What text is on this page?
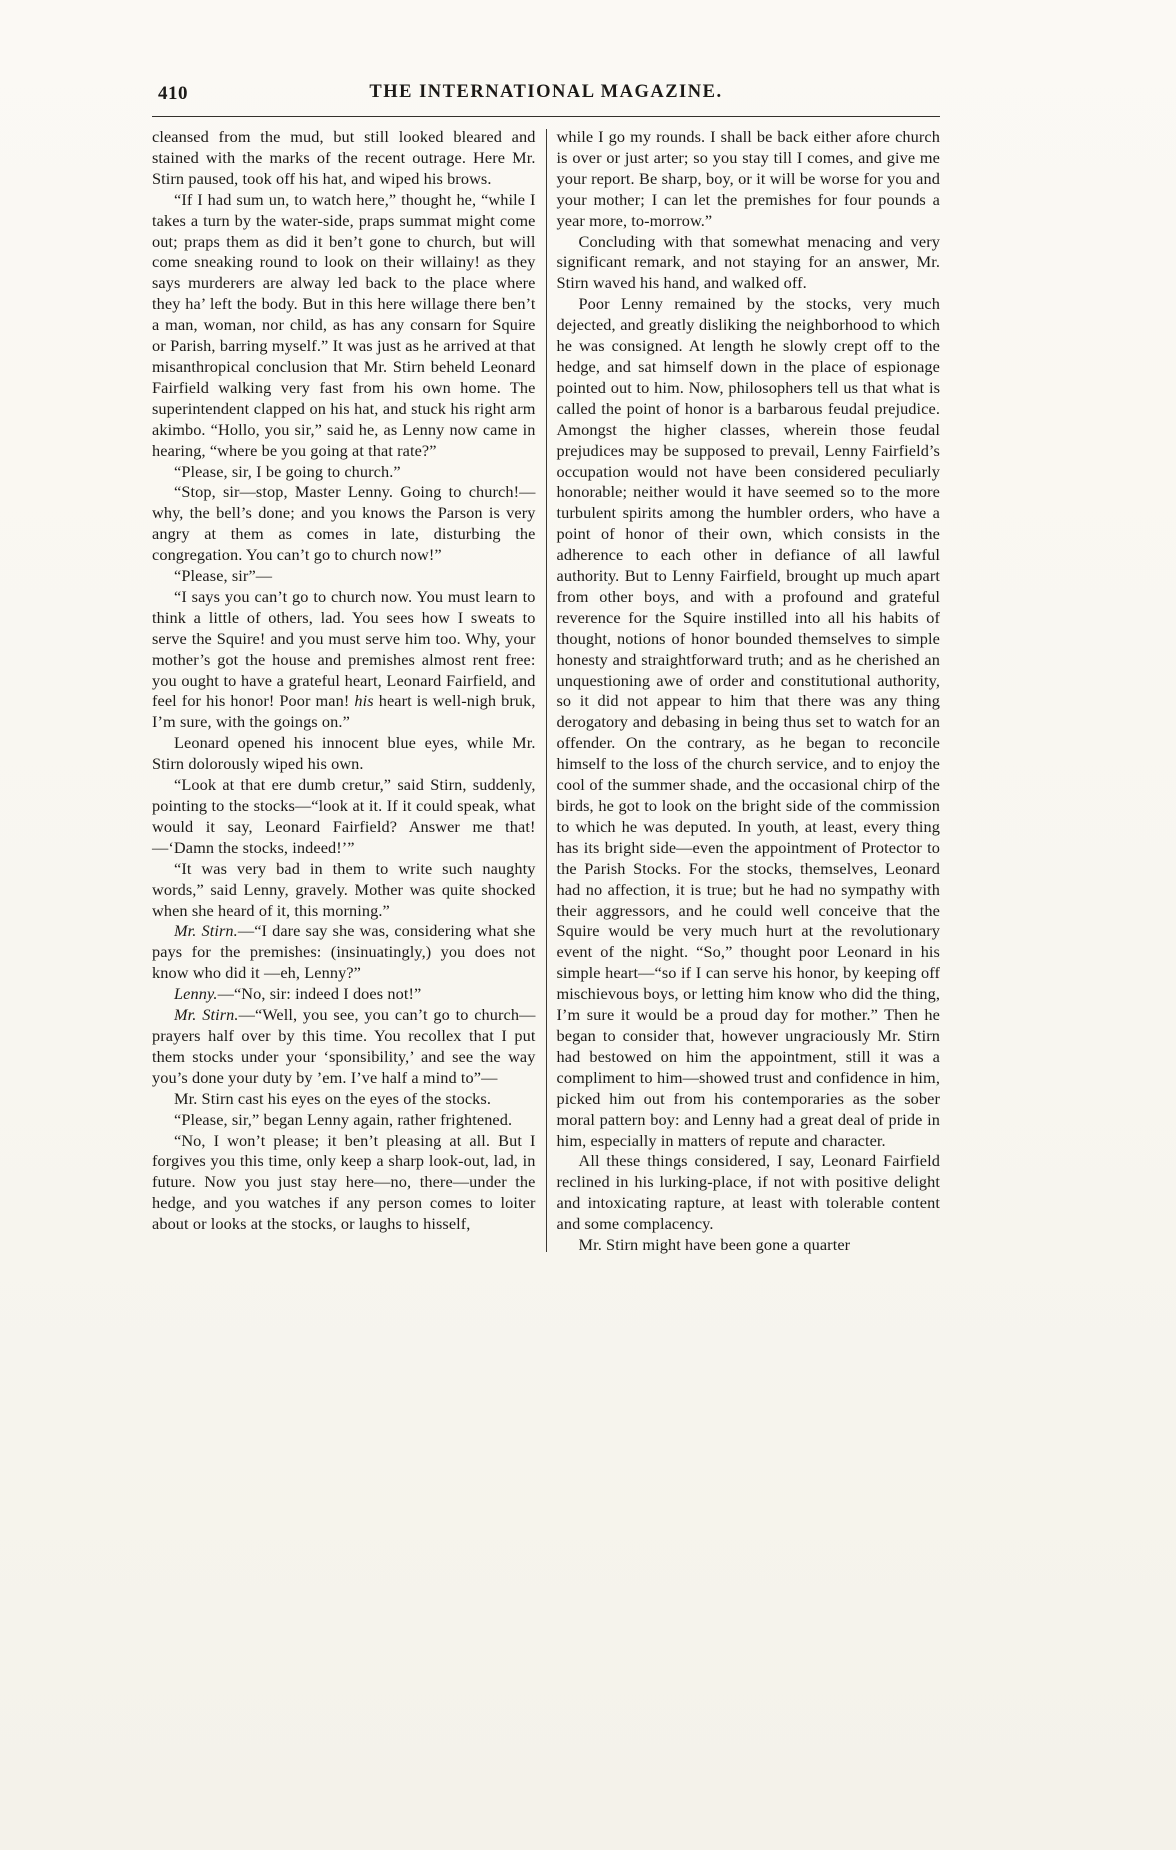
410	THE INTERNATIONAL MAGAZINE.

cleansed from the mud, but still looked bleared and stained with the marks of the recent outrage. Here Mr. Stirn paused, took off his hat, and wiped his brows.

“If I had sum un, to watch here,” thought he, “while I takes a turn by the water-side, praps summat might come out; praps them as did it ben’t gone to church, but will come sneaking round to look on their willainy! as they says murderers are alway led back to the place where they ha’ left the body. But in this here willage there ben’t a man, woman, nor child, as has any consarn for Squire or Parish, barring myself.” It was just as he arrived at that misanthropical conclusion that Mr. Stirn beheld Leonard Fairfield walking very fast from his own home. The superintendent clapped on his hat, and stuck his right arm akimbo. “Hollo, you sir,” said he, as Lenny now came in hearing, “where be you going at that rate?”

“Please, sir, I be going to church.”

“Stop, sir—stop, Master Lenny. Going to church!—why, the bell’s done; and you knows the Parson is very angry at them as comes in late, disturbing the congregation. You can’t go to church now!”

“Please, sir”—

“I says you can’t go to church now. You must learn to think a little of others, lad. You sees how I sweats to serve the Squire! and you must serve him too. Why, your mother’s got the house and premishes almost rent free: you ought to have a grateful heart, Leonard Fairfield, and feel for his honor! Poor man! his heart is well-nigh bruk, I’m sure, with the goings on.”

Leonard opened his innocent blue eyes, while Mr. Stirn dolorously wiped his own.

“Look at that ere dumb cretur,” said Stirn, suddenly, pointing to the stocks—“look at it. If it could speak, what would it say, Leonard Fairfield? Answer me that!—‘Damn the stocks, indeed!’”

“It was very bad in them to write such naughty words,” said Lenny, gravely. Mother was quite shocked when she heard of it, this morning.”

Mr. Stirn.—“I dare say she was, considering what she pays for the premishes: (insinuatingly,) you does not know who did it —eh, Lenny?”

Lenny.—“No, sir: indeed I does not!”

Mr. Stirn.—“Well, you see, you can’t go to church—prayers half over by this time. You recollex that I put them stocks under your ‘sponsibility,’ and see the way you’s done your duty by ’em. I’ve half a mind to”—

Mr. Stirn cast his eyes on the eyes of the stocks.

“Please, sir,” began Lenny again, rather frightened.

“No, I won’t please; it ben’t pleasing at all. But I forgives you this time, only keep a sharp look-out, lad, in future. Now you just stay here—no, there—under the hedge, and you watches if any person comes to loiter about or looks at the stocks, or laughs to hisself,

while I go my rounds. I shall be back either afore church is over or just arter; so you stay till I comes, and give me your report. Be sharp, boy, or it will be worse for you and your mother; I can let the premishes for four pounds a year more, to-morrow.”

Concluding with that somewhat menacing and very significant remark, and not staying for an answer, Mr. Stirn waved his hand, and walked off.

Poor Lenny remained by the stocks, very much dejected, and greatly disliking the neighborhood to which he was consigned. At length he slowly crept off to the hedge, and sat himself down in the place of espionage pointed out to him. Now, philosophers tell us that what is called the point of honor is a barbarous feudal prejudice. Amongst the higher classes, wherein those feudal prejudices may be supposed to prevail, Lenny Fairfield’s occupation would not have been considered peculiarly honorable; neither would it have seemed so to the more turbulent spirits among the humbler orders, who have a point of honor of their own, which consists in the adherence to each other in defiance of all lawful authority. But to Lenny Fairfield, brought up much apart from other boys, and with a profound and grateful reverence for the Squire instilled into all his habits of thought, notions of honor bounded themselves to simple honesty and straightforward truth; and as he cherished an unquestioning awe of order and constitutional authority, so it did not appear to him that there was any thing derogatory and debasing in being thus set to watch for an offender. On the contrary, as he began to reconcile himself to the loss of the church service, and to enjoy the cool of the summer shade, and the occasional chirp of the birds, he got to look on the bright side of the commission to which he was deputed. In youth, at least, every thing has its bright side—even the appointment of Protector to the Parish Stocks. For the stocks, themselves, Leonard had no affection, it is true; but he had no sympathy with their aggressors, and he could well conceive that the Squire would be very much hurt at the revolutionary event of the night. “So,” thought poor Leonard in his simple heart—“so if I can serve his honor, by keeping off mischievous boys, or letting him know who did the thing, I’m sure it would be a proud day for mother.” Then he began to consider that, however ungraciously Mr. Stirn had bestowed on him the appointment, still it was a compliment to him—showed trust and confidence in him, picked him out from his contemporaries as the sober moral pattern boy: and Lenny had a great deal of pride in him, especially in matters of repute and character.

All these things considered, I say, Leonard Fairfield reclined in his lurking-place, if not with positive delight and intoxicating rapture, at least with tolerable content and some complacency.

Mr. Stirn might have been gone a quarter
